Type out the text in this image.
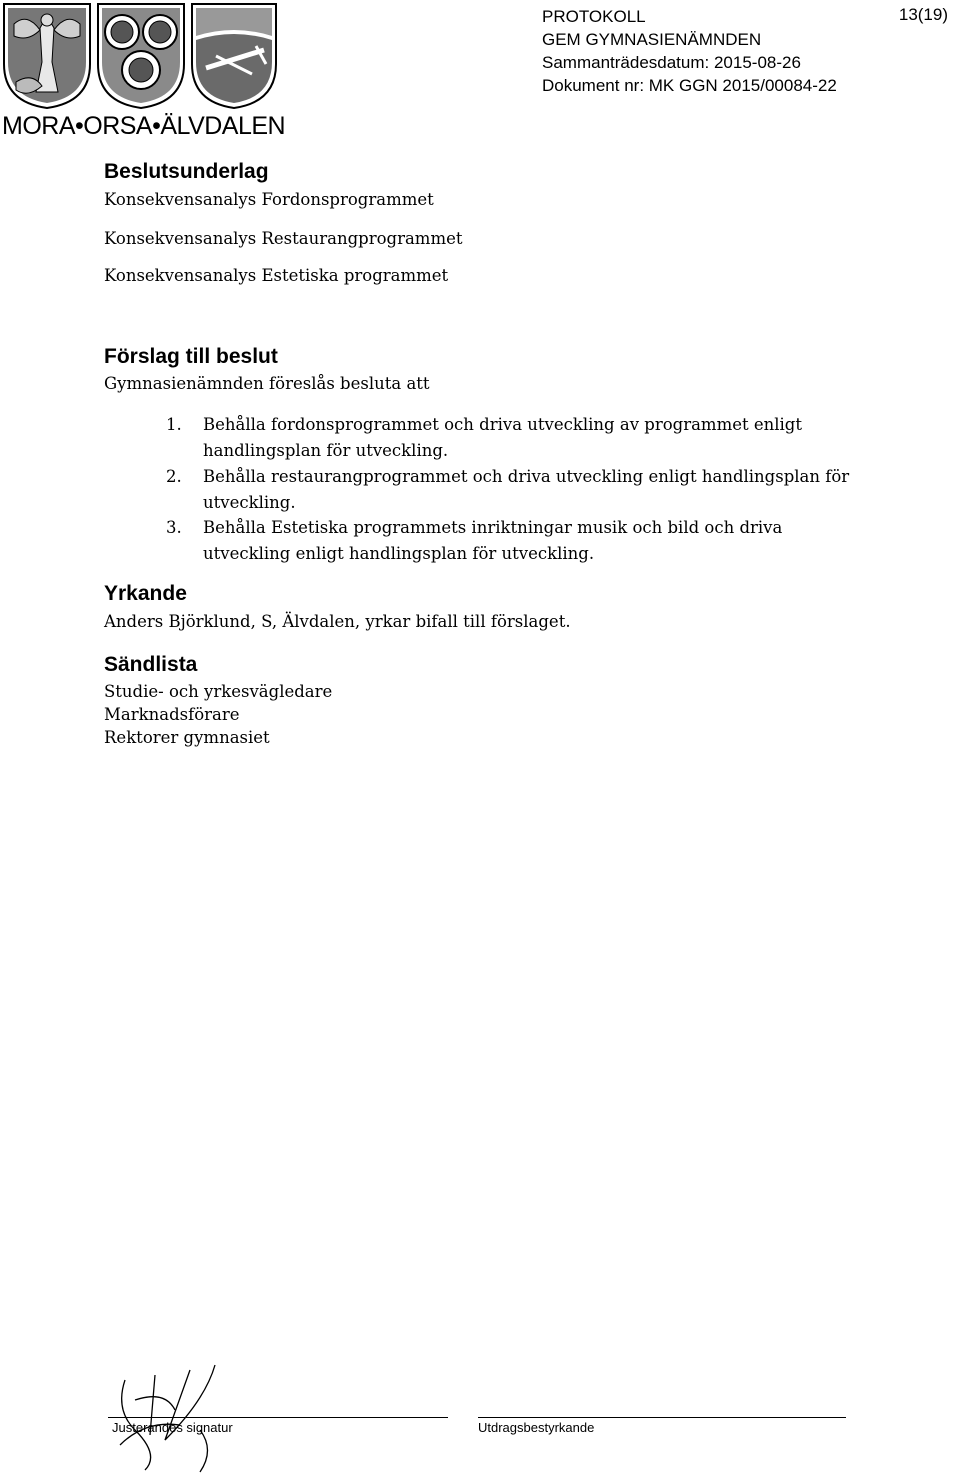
MORA•ORSA•ÄLVDALEN
PROTOKOLL
GEM GYMNASIENÄMNDEN
Sammanträdesdatum: 2015-08-26
Dokument nr: MK GGN 2015/00084-22
13(19)
Beslutsunderlag
Konsekvensanalys Fordonsprogrammet
Konsekvensanalys Restaurangprogrammet
Konsekvensanalys Estetiska programmet
Förslag till beslut
Gymnasienämnden föreslås besluta att
1.	Behålla fordonsprogrammet och driva utveckling av programmet enligt handlingsplan för utveckling.
2.	Behålla restaurangprogrammet och driva utveckling enligt handlingsplan för utveckling.
3.	Behålla Estetiska programmets inriktningar musik och bild och driva utveckling enligt handlingsplan för utveckling.
Yrkande
Anders Björklund, S, Älvdalen, yrkar bifall till förslaget.
Sändlista
Studie- och yrkesvägledare
Marknadsförare
Rektorer gymnasiet
Justerandes signatur	Utdragsbestyrkande
